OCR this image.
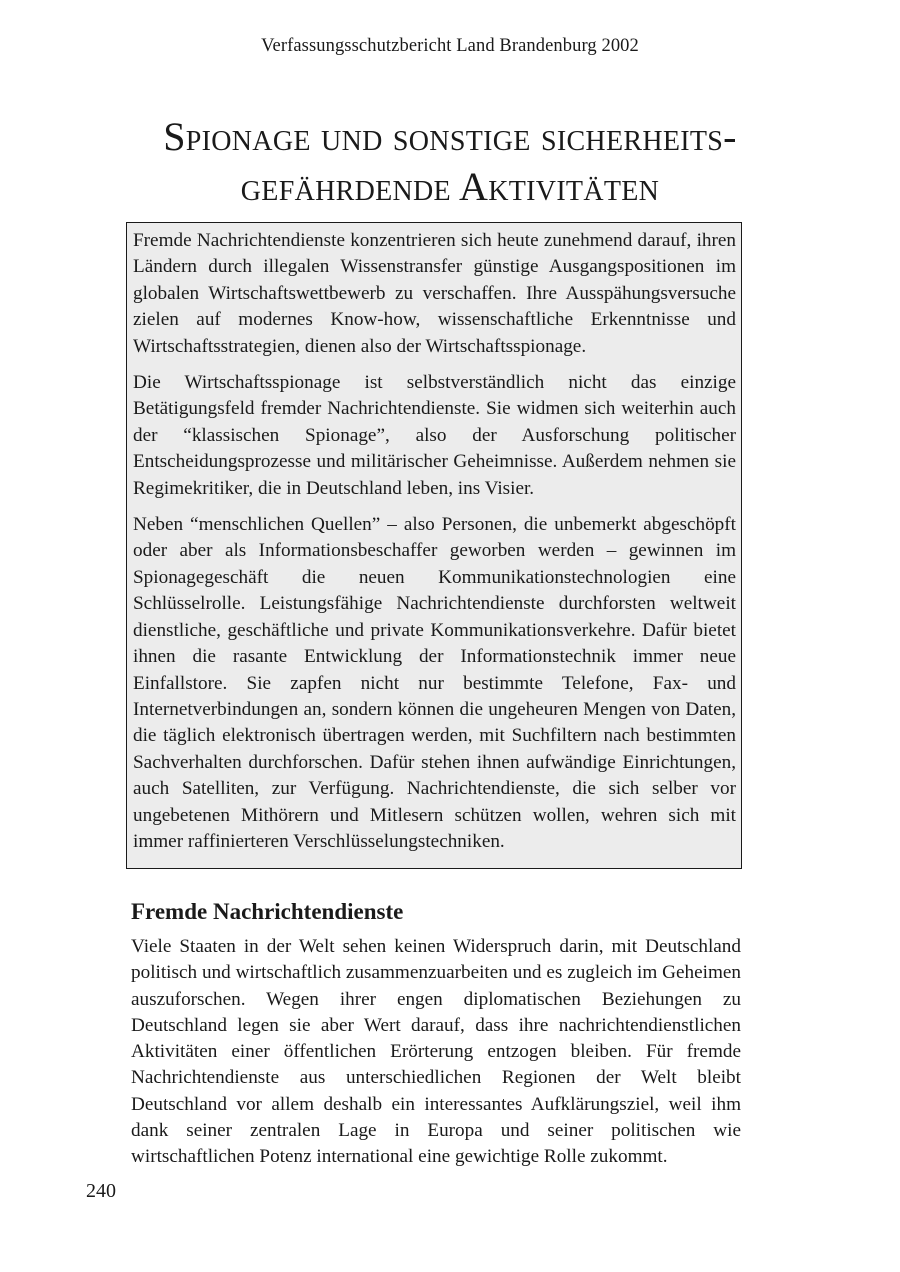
Verfassungsschutzbericht Land Brandenburg 2002
Spionage und sonstige sicherheits- gefährdende Aktivitäten

Fremde Nachrichtendienste konzentrieren sich heute zunehmend darauf, ihren Ländern durch illegalen Wissenstransfer günstige Ausgangspositionen im globalen Wirtschaftswettbewerb zu verschaffen. Ihre Ausspähungsversuche zielen auf modernes Know-how, wissenschaftliche Erkenntnisse und Wirtschaftsstrategien, dienen also der Wirtschaftsspionage.

Die Wirtschaftsspionage ist selbstverständlich nicht das einzige Betätigungsfeld fremder Nachrichtendienste. Sie widmen sich weiterhin auch der “klassischen Spionage”, also der Ausforschung politischer Entscheidungsprozesse und militärischer Geheimnisse. Außerdem nehmen sie Regimekritiker, die in Deutschland leben, ins Visier.

Neben “menschlichen Quellen” – also Personen, die unbemerkt abgeschöpft oder aber als Informationsbeschaffer geworben werden – gewinnen im Spionagegeschäft die neuen Kommunikationstechnologien eine Schlüsselrolle. Leistungsfähige Nachrichtendienste durchforsten weltweit dienstliche, geschäftliche und private Kommunikationsverkehre. Dafür bietet ihnen die rasante Entwicklung der Informationstechnik immer neue Einfallstore. Sie zapfen nicht nur bestimmte Telefone, Fax- und Internetverbindungen an, sondern können die ungeheuren Mengen von Daten, die täglich elektronisch übertragen werden, mit Suchfiltern nach bestimmten Sachverhalten durchforschen. Dafür stehen ihnen aufwändige Einrichtungen, auch Satelliten, zur Verfügung. Nachrichtendienste, die sich selber vor ungebetenen Mithörern und Mitlesern schützen wollen, wehren sich mit immer raffinierteren Verschlüsselungstechniken.

Fremde Nachrichtendienste

Viele Staaten in der Welt sehen keinen Widerspruch darin, mit Deutschland politisch und wirtschaftlich zusammenzuarbeiten und es zugleich im Geheimen auszuforschen. Wegen ihrer engen diplomatischen Beziehungen zu Deutschland legen sie aber Wert darauf, dass ihre nachrichtendienstlichen Aktivitäten einer öffentlichen Erörterung entzogen bleiben. Für fremde Nachrichtendienste aus unterschiedlichen Regionen der Welt bleibt Deutschland vor allem deshalb ein interessantes Aufklärungsziel, weil ihm dank seiner zentralen Lage in Europa und seiner politischen wie wirtschaftlichen Potenz international eine gewichtige Rolle zukommt.

240
